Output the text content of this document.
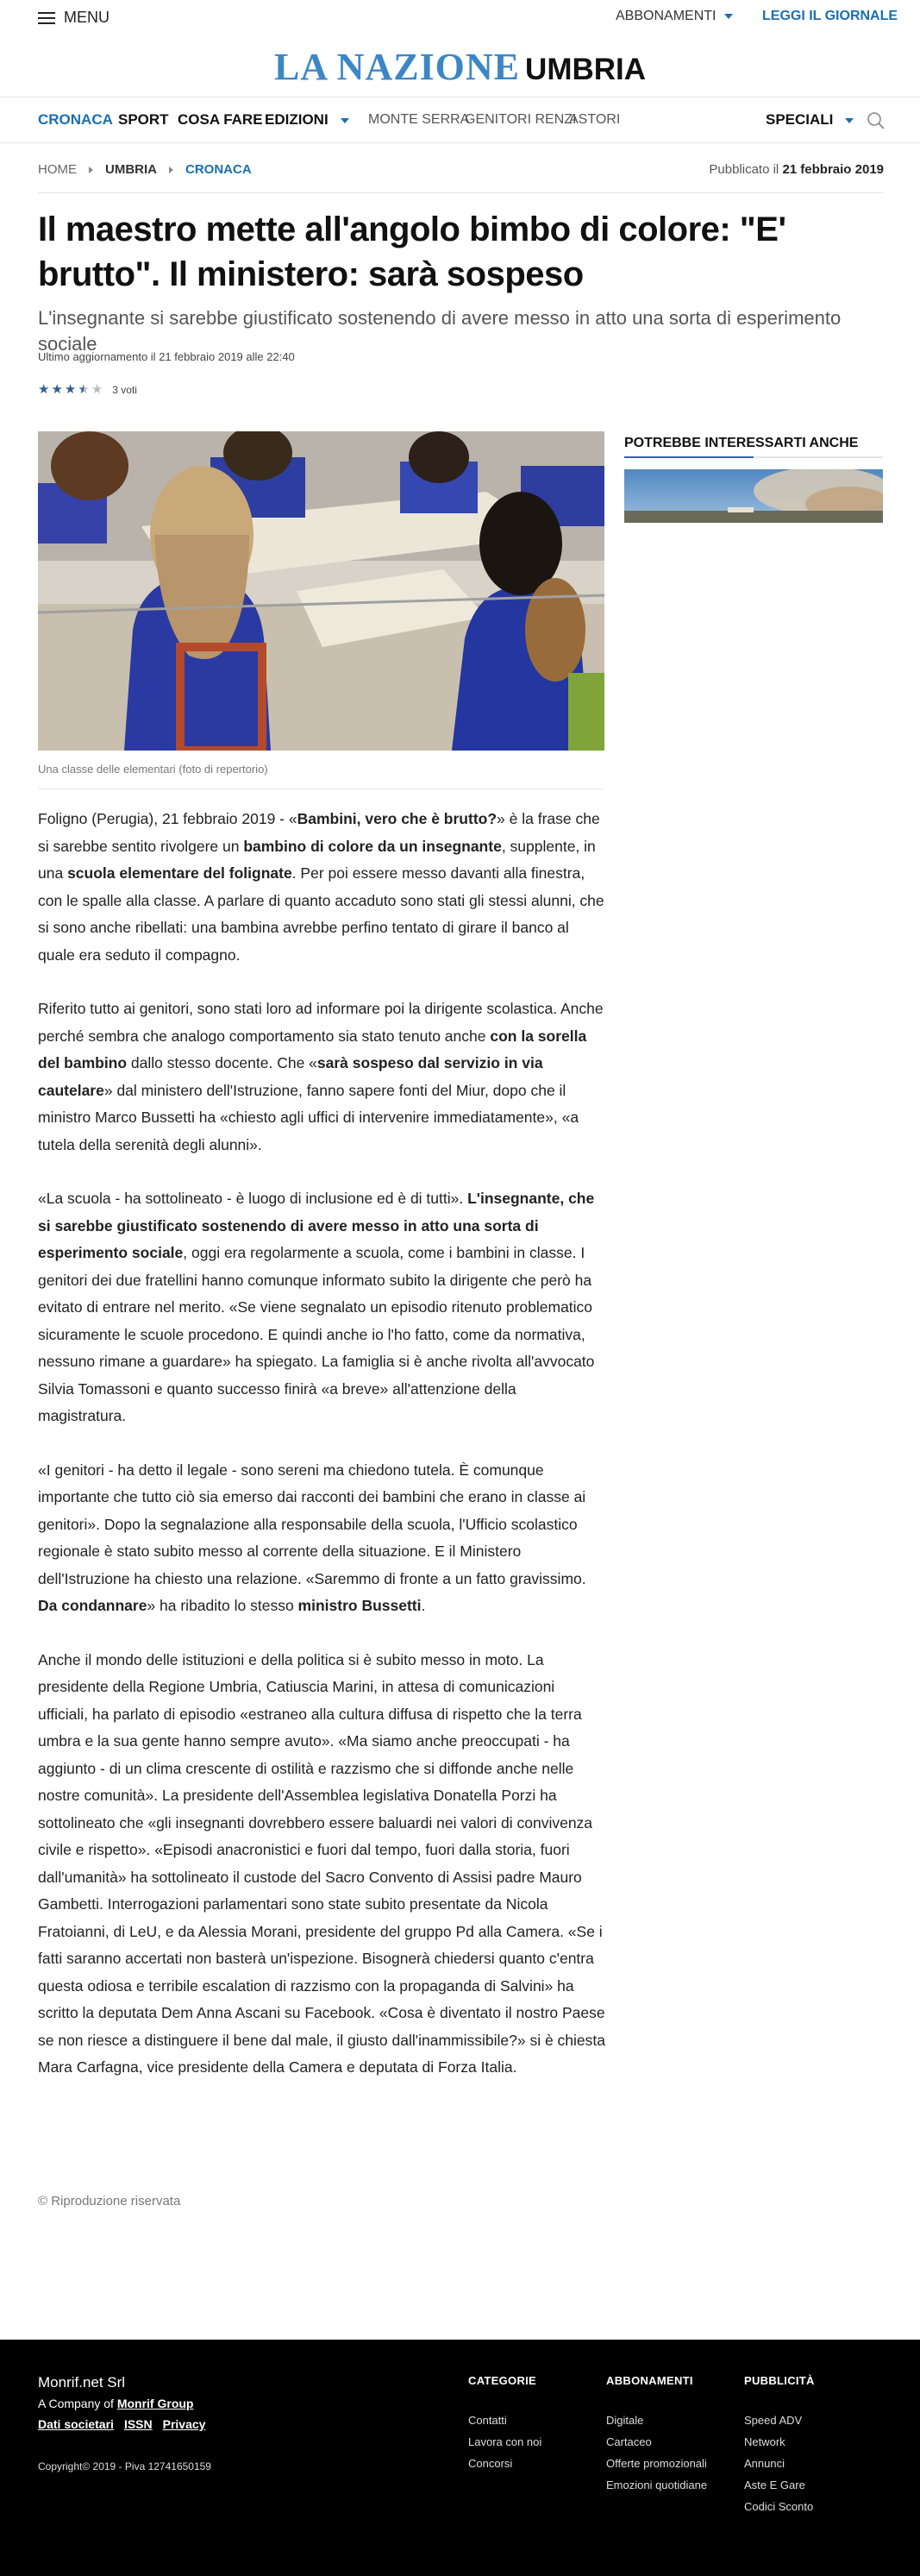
MENU	ABBONAMENTI	LEGGI IL GIORNALE
LA NAZIONE UMBRIA
CRONACA SPORT COSA FARE EDIZIONI	MONTE SERRA
GENITORI RENZI
ASTORI	SPECIALI
HOME UMBRIA CRONACA	Pubblicato il 21 febbraio 2019
Il maestro mette all'angolo bimbo di colore: "E' brutto". Il ministero: sarà sospeso

L'insegnante si sarebbe giustificato sostenendo di avere messo in atto una sorta di esperimento sociale

Ultimo aggiornamento il 21 febbraio 2019 alle 22:40
★ ★ ★ ★ ★ 3 voti
Una classe delle elementari (foto di repertorio)

Foligno (Perugia), 21 febbraio 2019 - «Bambini, vero che è brutto?» è la frase che si sarebbe sentito rivolgere un bambino di colore da un insegnante, supplente, in una scuola elementare del folignate. Per poi essere messo davanti alla finestra, con le spalle alla classe. A parlare di quanto accaduto sono stati gli stessi alunni, che si sono anche ribellati: una bambina avrebbe perfino tentato di girare il banco al quale era seduto il compagno.

Riferito tutto ai genitori, sono stati loro ad informare poi la dirigente scolastica. Anche perché sembra che analogo comportamento sia stato tenuto anche con la sorella del bambino dallo stesso docente. Che «sarà sospeso dal servizio in via cautelare» dal ministero dell'Istruzione, fanno sapere fonti del Miur, dopo che il ministro Marco Bussetti ha «chiesto agli uffici di intervenire immediatamente», «a tutela della serenità degli alunni».

«La scuola - ha sottolineato - è luogo di inclusione ed è di tutti». L'insegnante, che si sarebbe giustificato sostenendo di avere messo in atto una sorta di esperimento sociale, oggi era regolarmente a scuola, come i bambini in classe. I genitori dei due fratellini hanno comunque informato subito la dirigente che però ha evitato di entrare nel merito. «Se viene segnalato un episodio ritenuto problematico sicuramente le scuole procedono. E quindi anche io l'ho fatto, come da normativa, nessuno rimane a guardare» ha spiegato. La famiglia si è anche rivolta all'avvocato Silvia Tomassoni e quanto successo finirà «a breve» all'attenzione della magistratura.

«I genitori - ha detto il legale - sono sereni ma chiedono tutela. È comunque importante che tutto ciò sia emerso dai racconti dei bambini che erano in classe ai genitori». Dopo la segnalazione alla responsabile della scuola, l'Ufficio scolastico regionale è stato subito messo al corrente della situazione. E il Ministero dell'Istruzione ha chiesto una relazione. «Saremmo di fronte a un fatto gravissimo. Da condannare» ha ribadito lo stesso ministro Bussetti.

Anche il mondo delle istituzioni e della politica si è subito messo in moto. La presidente della Regione Umbria, Catiuscia Marini, in attesa di comunicazioni ufficiali, ha parlato di episodio «estraneo alla cultura diffusa di rispetto che la terra umbra e la sua gente hanno sempre avuto». «Ma siamo anche preoccupati - ha aggiunto - di un clima crescente di ostilità e razzismo che si diffonde anche nelle nostre comunità». La presidente dell'Assemblea legislativa Donatella Porzi ha sottolineato che «gli insegnanti dovrebbero essere baluardi nei valori di convivenza civile e rispetto». «Episodi anacronistici e fuori dal tempo, fuori dalla storia, fuori dall'umanità» ha sottolineato il custode del Sacro Convento di Assisi padre Mauro Gambetti. Interrogazioni parlamentari sono state subito presentate da Nicola Fratoianni, di LeU, e da Alessia Morani, presidente del gruppo Pd alla Camera. «Se i fatti saranno accertati non basterà un'ispezione. Bisognerà chiedersi quanto c'entra questa odiosa e terribile escalation di razzismo con la propaganda di Salvini» ha scritto la deputata Dem Anna Ascani su Facebook. «Cosa è diventato il nostro Paese se non riesce a distinguere il bene dal male, il giusto dall'inammissibile?» si è chiesta Mara Carfagna, vice presidente della Camera e deputata di Forza Italia.

© Riproduzione riservata
POTREBBE INTERESSARTI ANCHE
Monrif.net Srl
A Company of Monrif Group
Dati societari ISSN Privacy
Copyright© 2019 - Piva 12741650159
CATEGORIE
Contatti
Lavora con noi
Concorsi
ABBONAMENTI
Digitale
Cartaceo
Offerte promozionali
Emozioni quotidiane
PUBBLICITÀ
Speed ADV
Network
Annunci
Aste E Gare
Codici Sconto
